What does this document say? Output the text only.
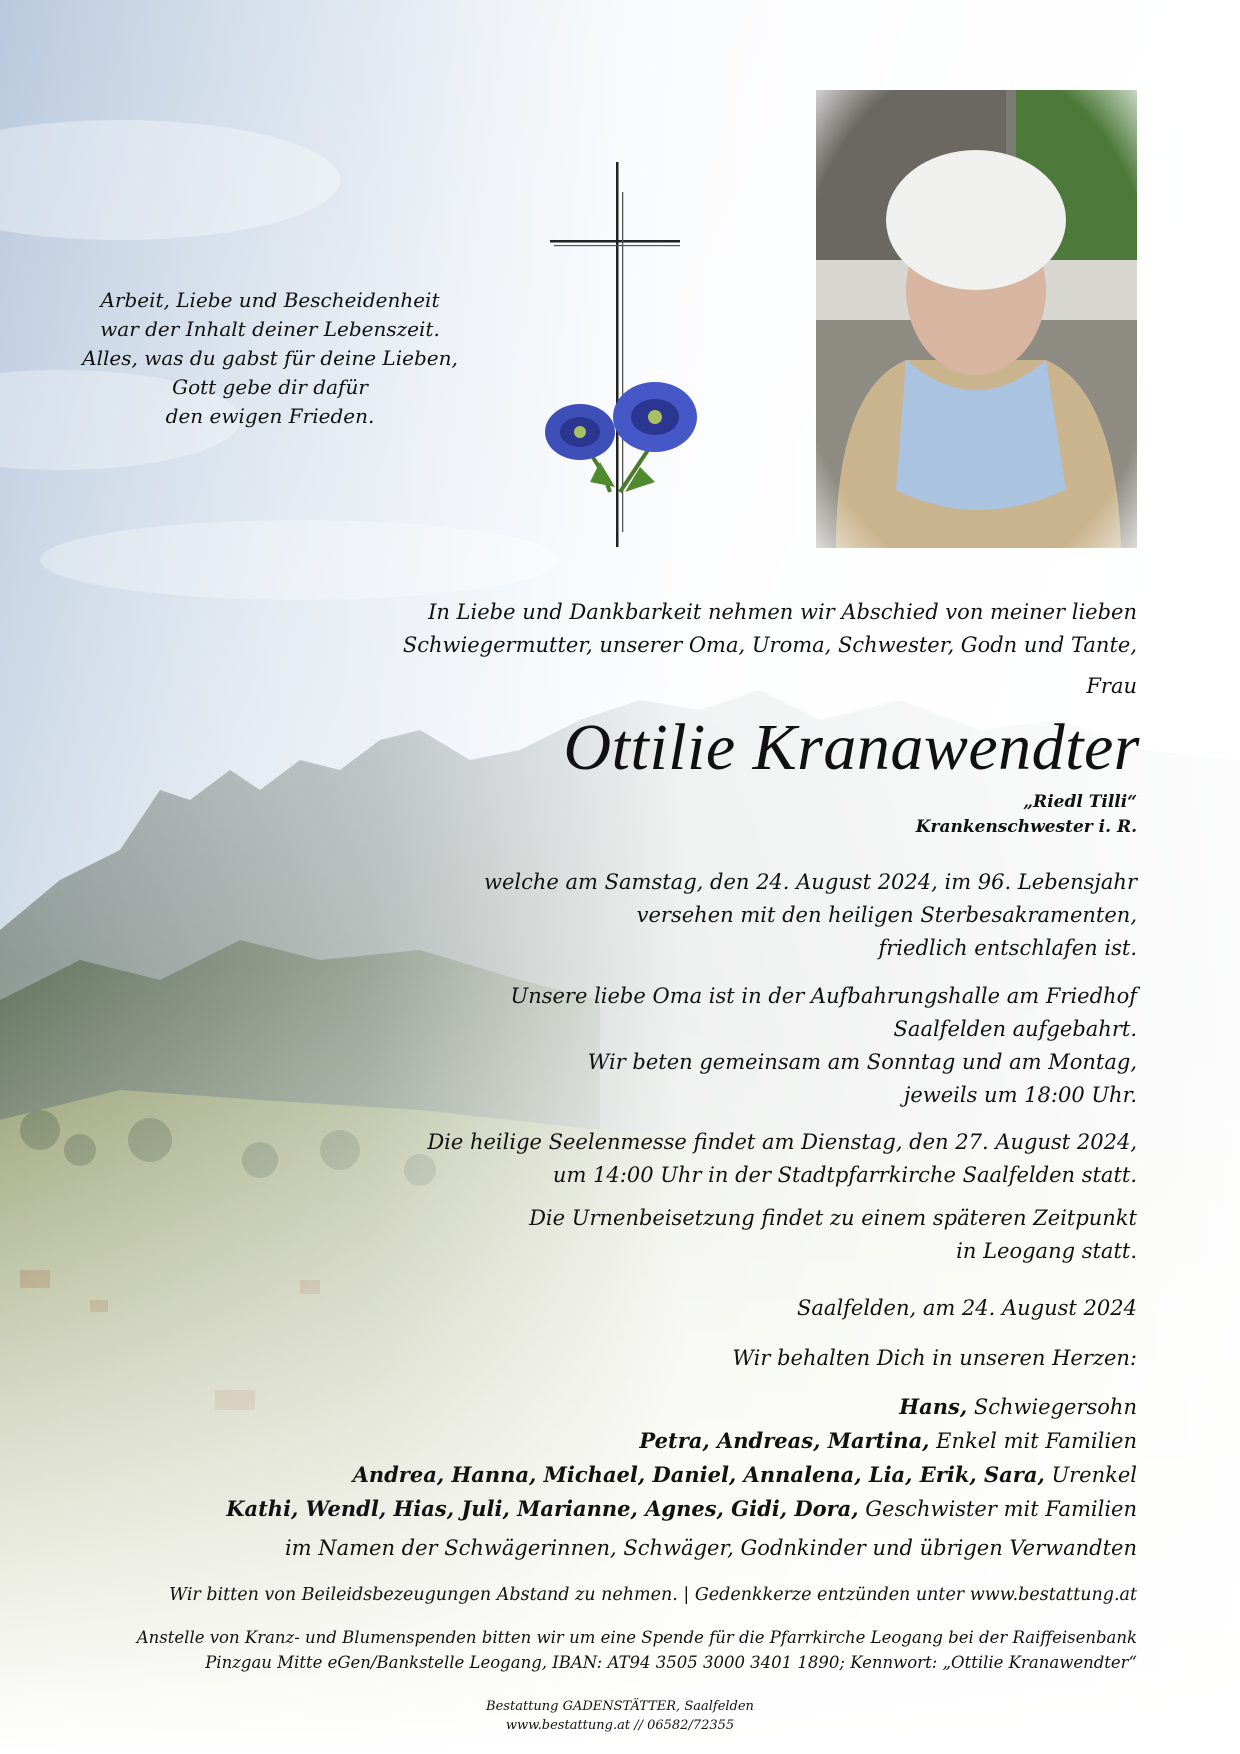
Arbeit, Liebe und Bescheidenheit
war der Inhalt deiner Lebenszeit.
Alles, was du gabst für deine Lieben,
Gott gebe dir dafür
den ewigen Frieden.
In Liebe und Dankbarkeit nehmen wir Abschied von meiner lieben
Schwiegermutter, unserer Oma, Uroma, Schwester, Godn und Tante,
Frau
Ottilie Kranawendter
„Riedl Tilli“
Krankenschwester i. R.
welche am Samstag, den 24. August 2024, im 96. Lebensjahr
versehen mit den heiligen Sterbesakramenten,
friedlich entschlafen ist.
Unsere liebe Oma ist in der Aufbahrungshalle am Friedhof
Saalfelden aufgebahrt.
Wir beten gemeinsam am Sonntag und am Montag,
jeweils um 18:00 Uhr.
Die heilige Seelenmesse findet am Dienstag, den 27. August 2024,
um 14:00 Uhr in der Stadtpfarrkirche Saalfelden statt.
Die Urnenbeisetzung findet zu einem späteren Zeitpunkt
in Leogang statt.
Saalfelden, am 24. August 2024
Wir behalten Dich in unseren Herzen:
Hans, Schwiegersohn
Petra, Andreas, Martina, Enkel mit Familien
Andrea, Hanna, Michael, Daniel, Annalena, Lia, Erik, Sara, Urenkel
Kathi, Wendl, Hias, Juli, Marianne, Agnes, Gidi, Dora, Geschwister mit Familien
im Namen der Schwägerinnen, Schwäger, Godnkinder und übrigen Verwandten
Wir bitten von Beileidsbezeugungen Abstand zu nehmen. | Gedenkkerze entzünden unter www.bestattung.at
Anstelle von Kranz- und Blumenspenden bitten wir um eine Spende für die Pfarrkirche Leogang bei der Raiffeisenbank
Pinzgau Mitte eGen/Bankstelle Leogang, IBAN: AT94 3505 3000 3401 1890; Kennwort: „Ottilie Kranawendter“
Bestattung GADENSTÄTTER, Saalfelden
www.bestattung.at // 06582/72355
